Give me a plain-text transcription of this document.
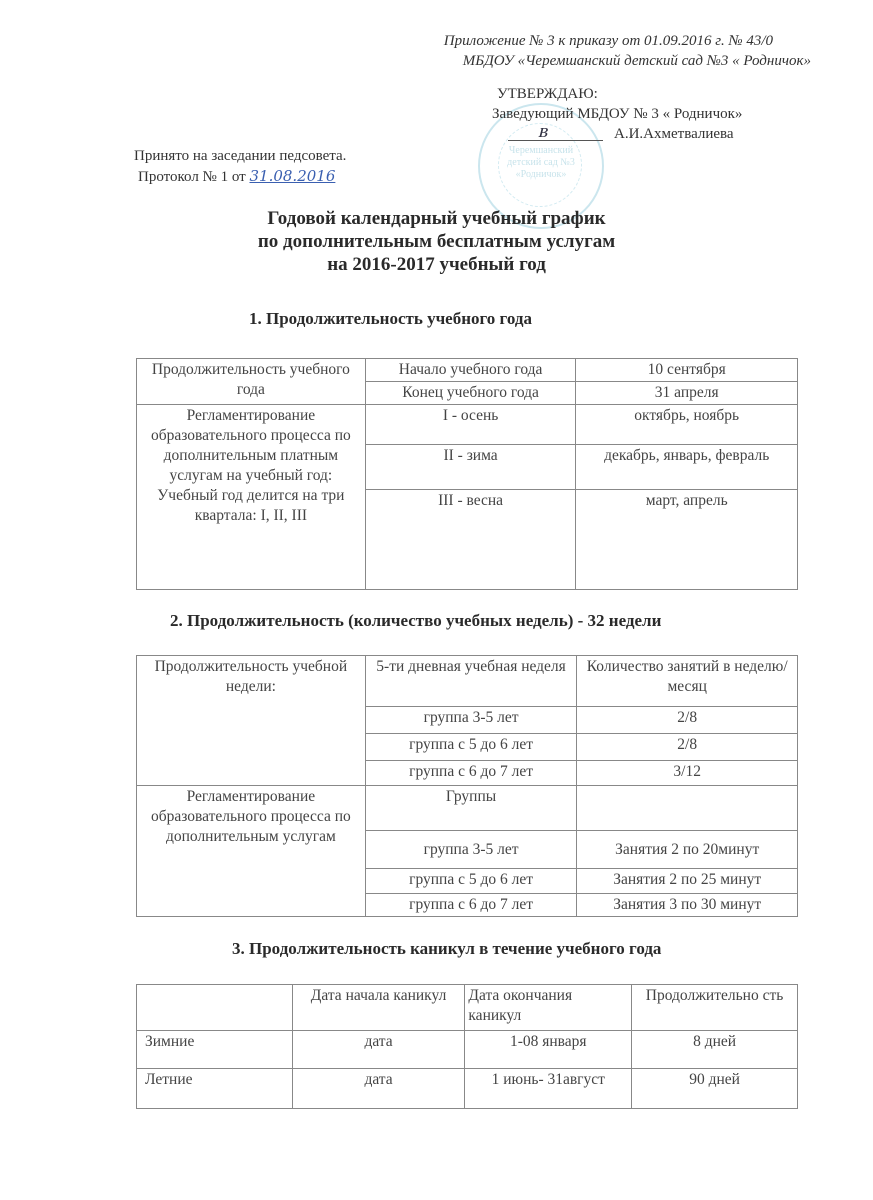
Черемшанский
детский сад №3
«Родничок»
Приложение № 3 к приказу от 01.09.2016 г. № 43/0
МБДОУ «Черемшанский детский сад №3 « Родничок»
УТВЕРЖДАЮ:
Заведующий МБДОУ № 3 « Родничок»
ᏼ	А.И.Ахметвалиева
Принято на заседании педсовета.
Протокол № 1 от 31.08.2016
Годовой календарный учебный график
по дополнительным бесплатным услугам
на 2016-2017 учебный год
1. Продолжительность учебного года
Продолжительность учебного года	Начало учебного года	10 сентября
	Конец учебного года	31 апреля
Регламентирование образовательного процесса по дополнительным платным услугам на учебный год: Учебный год делится на три квартала: I, II, III	I - осень	октябрь, ноябрь
	II - зима	декабрь, январь, февраль
	III - весна	март, апрель
2. Продолжительность (количество учебных недель) - 32 недели
Продолжительность учебной недели:	5-ти дневная учебная неделя	Количество занятий в неделю/месяц
	группа 3-5 лет	2/8
	группа с 5 до 6 лет	2/8
	группа с 6 до 7 лет	3/12
Регламентирование образовательного процесса по дополнительным услугам	Группы	
	группа 3-5 лет	Занятия 2 по 20минут
	группа с 5 до 6 лет	Занятия 2 по 25 минут
	группа с 6 до 7 лет	Занятия 3 по 30 минут
3. Продолжительность каникул в течение учебного года
	Дата начала каникул	Дата окончания каникул	Продолжительно сть
Зимние	дата	1-08 января	8 дней
Летние	дата	1 июнь- 31август	90 дней
